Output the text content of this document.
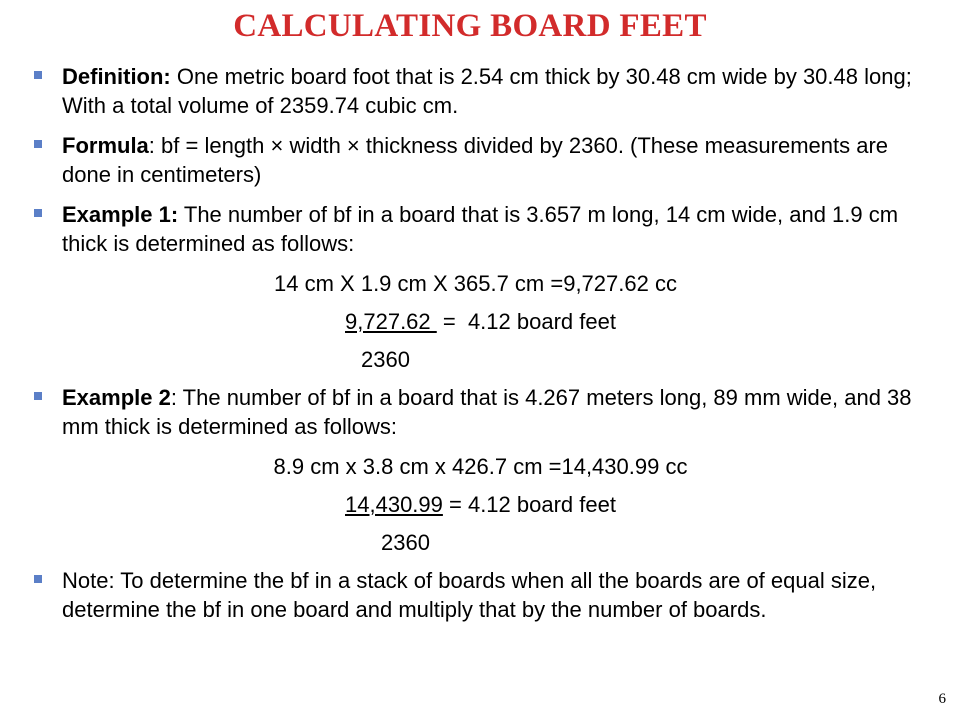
CALCULATING BOARD FEET
Definition: One metric board foot that is 2.54 cm thick by 30.48 cm wide by 30.48 long; With a total volume of 2359.74 cubic cm.
Formula: bf = length × width × thickness divided by 2360. (These measurements are done in centimeters)
Example 1: The number of bf in a board that is 3.657 m long, 14 cm wide, and 1.9 cm thick is determined as follows:
14 cm X 1.9 cm X 365.7 cm =9,727.62 cc
9,727.62  =  4.12 board feet
2360
Example 2: The number of bf in a board that is 4.267 meters long, 89 mm wide, and 38 mm thick is determined as follows:
8.9 cm x 3.8 cm x 426.7 cm =14,430.99 cc
14,430.99 = 4.12 board feet
2360
Note: To determine the bf in a stack of boards when all the boards are of equal size, determine the bf in one board and multiply that by the number of boards.
6
